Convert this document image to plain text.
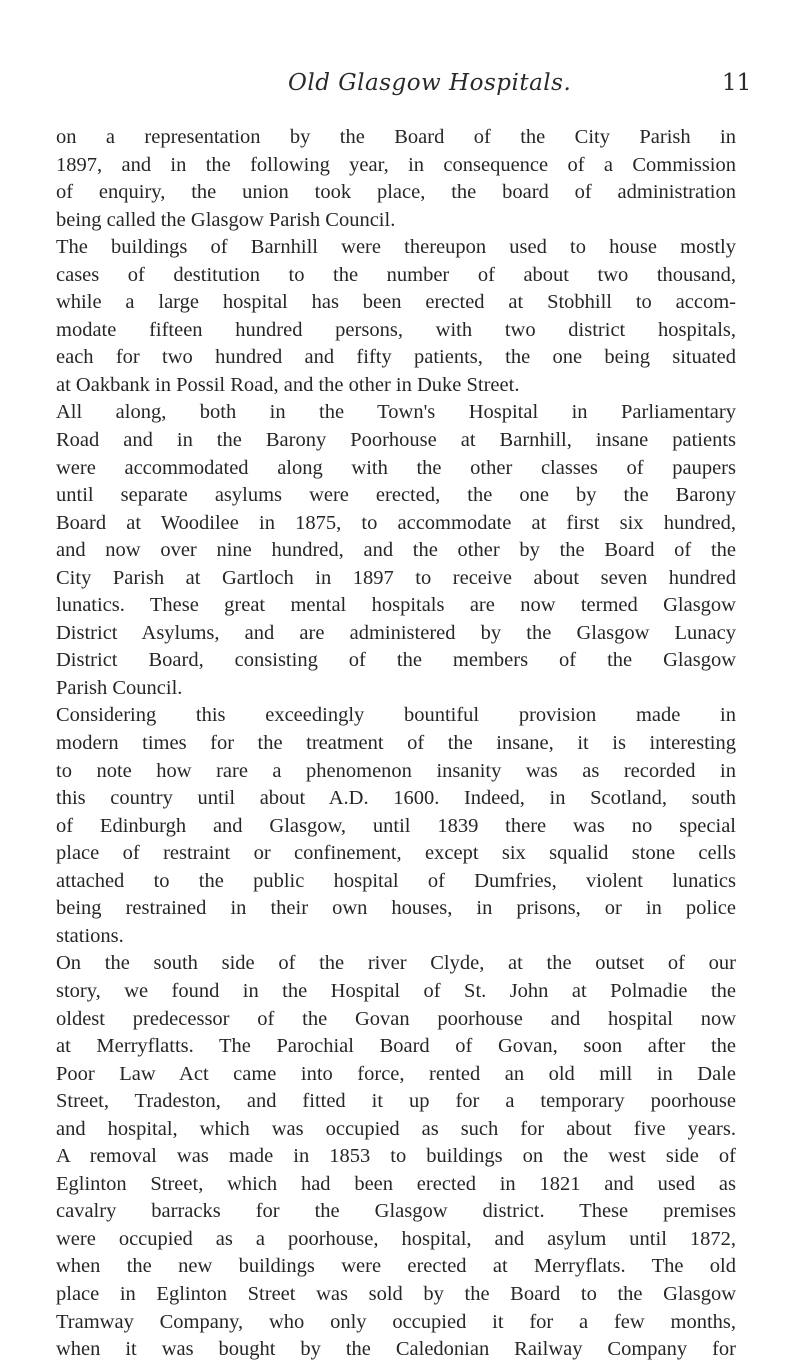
Old Glasgow Hospitals.	11
on a representation by the Board of the City Parish in
1897, and in the following year, in consequence of a Commission
of enquiry, the union took place, the board of administration
being called the Glasgow Parish Council.
The buildings of Barnhill were thereupon used to house mostly
cases of destitution to the number of about two thousand,
while a large hospital has been erected at Stobhill to accom-
modate fifteen hundred persons, with two district hospitals,
each for two hundred and fifty patients, the one being situated
at Oakbank in Possil Road, and the other in Duke Street.
All along, both in the Town's Hospital in Parliamentary
Road and in the Barony Poorhouse at Barnhill, insane patients
were accommodated along with the other classes of paupers
until separate asylums were erected, the one by the Barony
Board at Woodilee in 1875, to accommodate at first six hundred,
and now over nine hundred, and the other by the Board of the
City Parish at Gartloch in 1897 to receive about seven hundred
lunatics. These great mental hospitals are now termed Glasgow
District Asylums, and are administered by the Glasgow Lunacy
District Board, consisting of the members of the Glasgow
Parish Council.
Considering this exceedingly bountiful provision made in
modern times for the treatment of the insane, it is interesting
to note how rare a phenomenon insanity was as recorded in
this country until about A.D. 1600. Indeed, in Scotland, south
of Edinburgh and Glasgow, until 1839 there was no special
place of restraint or confinement, except six squalid stone cells
attached to the public hospital of Dumfries, violent lunatics
being restrained in their own houses, in prisons, or in police
stations.
On the south side of the river Clyde, at the outset of our
story, we found in the Hospital of St. John at Polmadie the
oldest predecessor of the Govan poorhouse and hospital now
at Merryflatts. The Parochial Board of Govan, soon after the
Poor Law Act came into force, rented an old mill in Dale
Street, Tradeston, and fitted it up for a temporary poorhouse
and hospital, which was occupied as such for about five years.
A removal was made in 1853 to buildings on the west side of
Eglinton Street, which had been erected in 1821 and used as
cavalry barracks for the Glasgow district. These premises
were occupied as a poorhouse, hospital, and asylum until 1872,
when the new buildings were erected at Merryflats. The old
place in Eglinton Street was sold by the Board to the Glasgow
Tramway Company, who only occupied it for a few months,
when it was bought by the Caledonian Railway Company for
